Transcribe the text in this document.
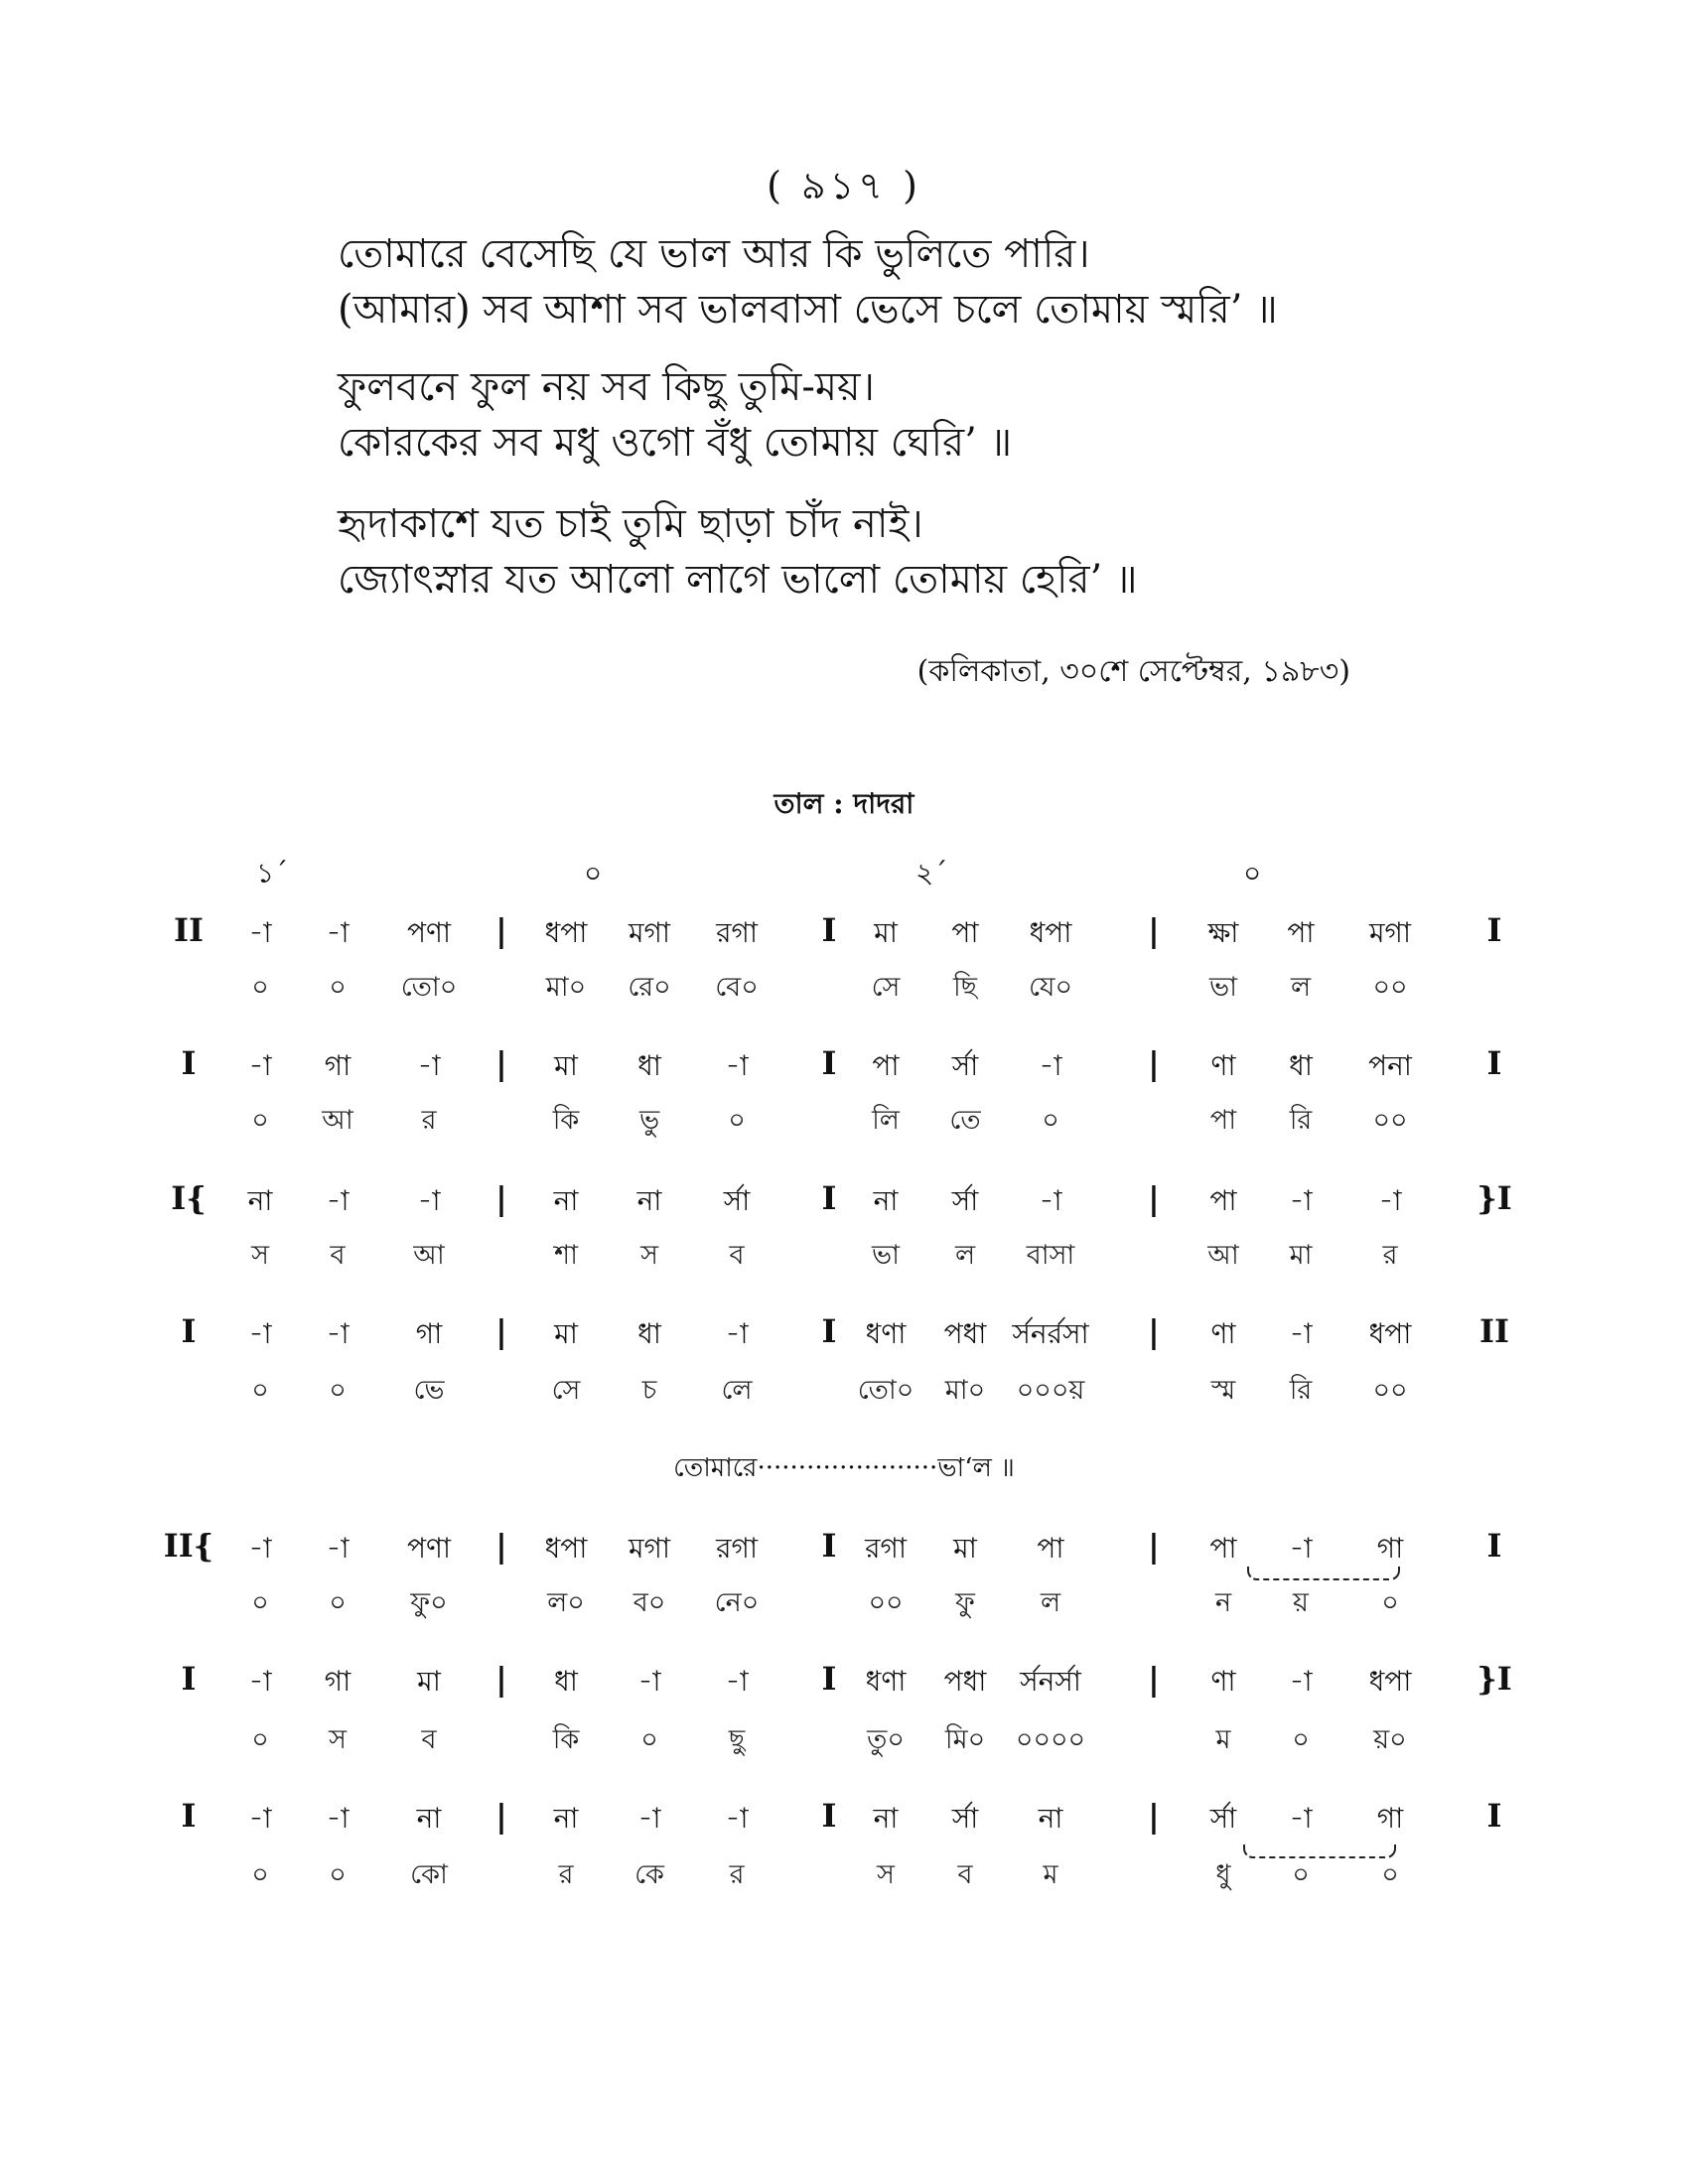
( ৯১৭ )
তোমারে বেসেছি যে ভাল আর কি ভুলিতে পারি।
(আমার) সব আশা সব ভালবাসা ভেসে চলে তোমায় স্মরি’ ॥
ফুলবনে ফুল নয় সব কিছু তুমি-ময়।
কোরকের সব মধু ওগো বঁধু তোমায় ঘেরি’ ॥
হৃদাকাশে যত চাই তুমি ছাড়া চাঁদ নাই।
জ্যোৎস্নার যত আলো লাগে ভালো তোমায় হেরি’ ॥
(কলিকাতা, ৩০শে সেপ্টেম্বর, ১৯৮৩)
তাল : দাদরা
১´	০	২´	০
II -া -া পণা | ধপা মগা রগা I মা পা ধপা | ক্ষা পা মগা I
০ ০ তো০	মা০ রে০ বে০	সে ছি যে০	ভা ল ০০
I -া গা -া | মা ধা -া I পা র্সা -া	| ণা ধা পনা I
০ আ	র	কি ভু	০	লি তে ০	পা রি ০০
I{ না -া -া | না না র্সা I না র্সা -া	| পা -া -া }I
স ব	আ	শা স	ব	ভা ল বাসা	আ মা	র
I -া -া গা | মা ধা -া I ধণা পধা র্সনর্রসা | ণা -া ধপা II
০ ০	ভে	সে চ লে	তো০ মা০ ০০০য়	স্ম রি ০০
II{ -া -া পণা | ধপা মগা রগা I রগা মা পা	| পা -া গা	I
০ ০ ফু০	ল০ ব০ নে০	০০ ফু ল	ন য়	০
I -া গা মা | ধা -া -া I ধণা পধা র্সনর্সা | ণা -া ধপা }I
০ স	ব	কি ০	ছু	তু০ মি০ ০০০০	ম ০ য়০
I -া -া না | না -া -া I না র্সা না	| র্সা -া গা	I
০ ০ কো	র কে র	স ব	ম	ধু ০	০
তোমারে······················ভা‘ল ॥
